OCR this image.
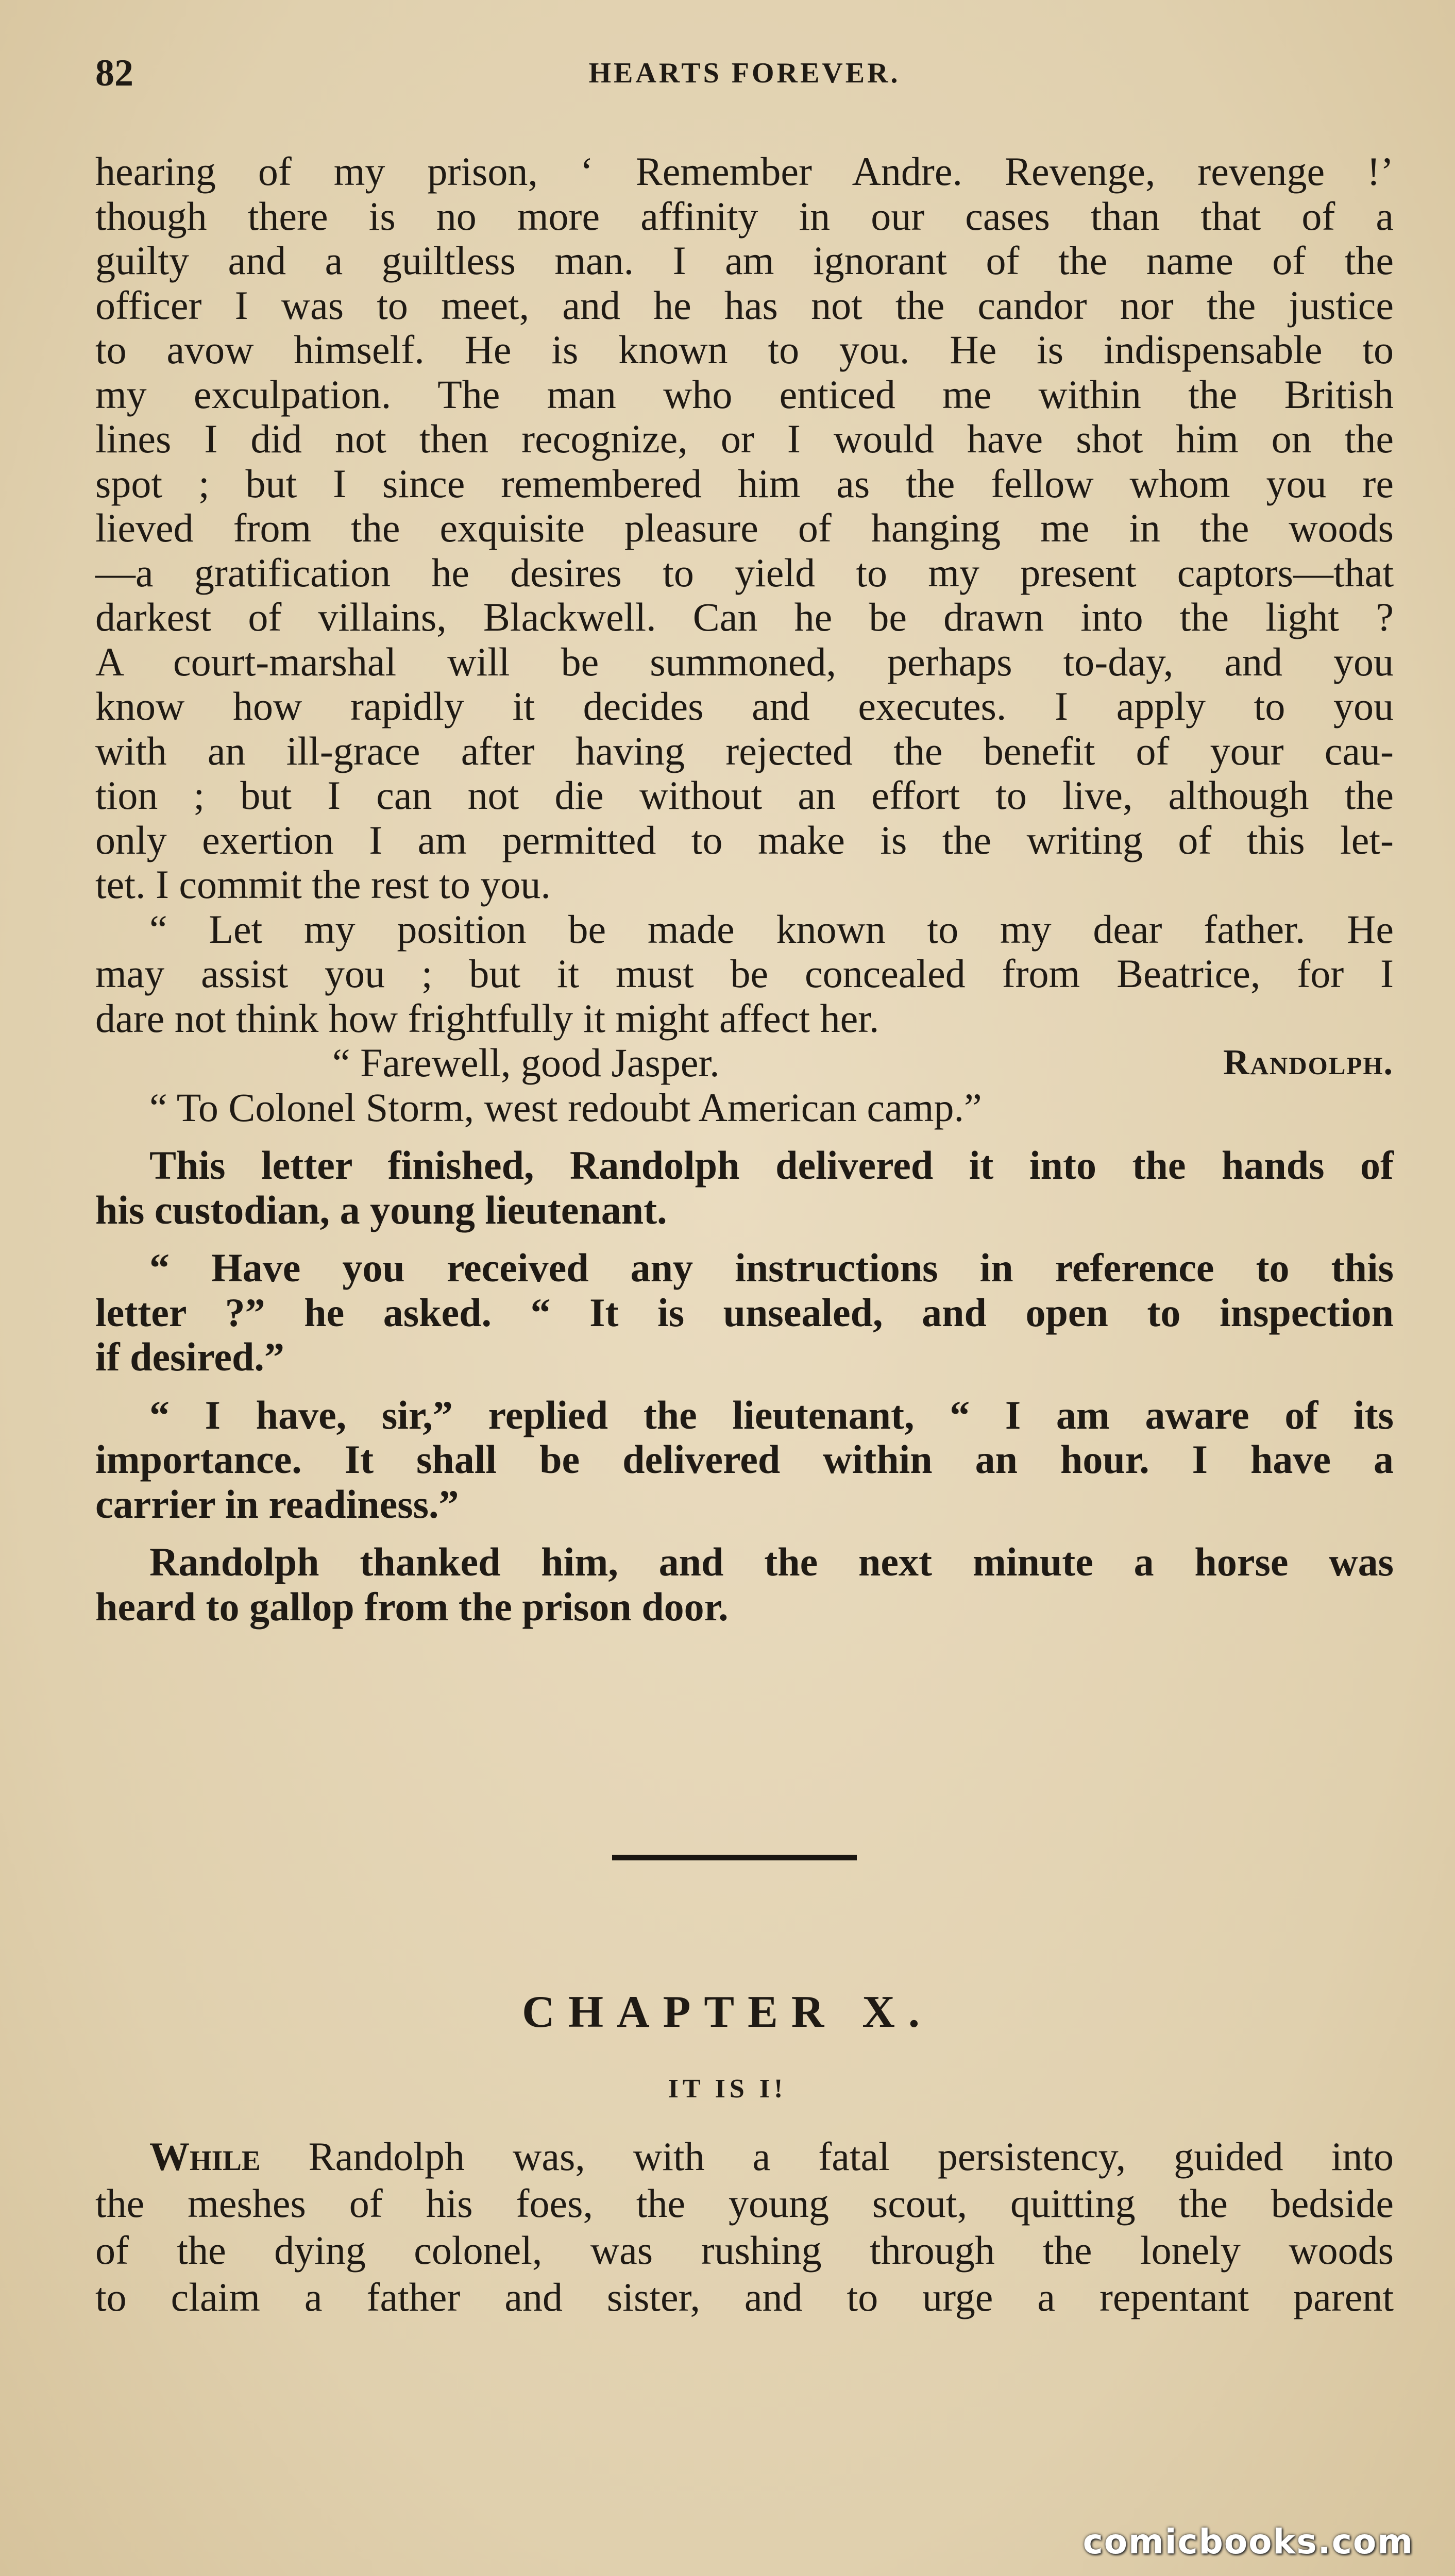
82	HEARTS FOREVER.
hearing of my prison, ‘ Remember Andre. Revenge, revenge !’
though there is no more affinity in our cases than that of a
guilty and a guiltless man. I am ignorant of the name of the
officer I was to meet, and he has not the candor nor the justice
to avow himself. He is known to you. He is indispensable to
my exculpation. The man who enticed me within the British
lines I did not then recognize, or I would have shot him on the
spot ; but I since remembered him as the fellow whom you re
lieved from the exquisite pleasure of hanging me in the woods
—a gratification he desires to yield to my present captors—that
darkest of villains, Blackwell. Can he be drawn into the light ?
A court-marshal will be summoned, perhaps to-day, and you
know how rapidly it decides and executes. I apply to you
with an ill-grace after having rejected the benefit of your cau-
tion ; but I can not die without an effort to live, although the
only exertion I am permitted to make is the writing of this let-
tet. I commit the rest to you.
“ Let my position be made known to my dear father. He
may assist you ; but it must be concealed from Beatrice, for I
dare not think how frightfully it might affect her.
“ Farewell, good Jasper.	Randolph.
“ To Colonel Storm, west redoubt American camp.”
This letter finished, Randolph delivered it into the hands of
his custodian, a young lieutenant.
“ Have you received any instructions in reference to this
letter ?” he asked. “ It is unsealed, and open to inspection
if desired.”
“ I have, sir,” replied the lieutenant, “ I am aware of its
importance. It shall be delivered within an hour. I have a
carrier in readiness.”
Randolph thanked him, and the next minute a horse was
heard to gallop from the prison door.
CHAPTER X.
IT IS I!
While Randolph was, with a fatal persistency, guided into
the meshes of his foes, the young scout, quitting the bedside
of the dying colonel, was rushing through the lonely woods
to claim a father and sister, and to urge a repentant parent
comicbooks.com
